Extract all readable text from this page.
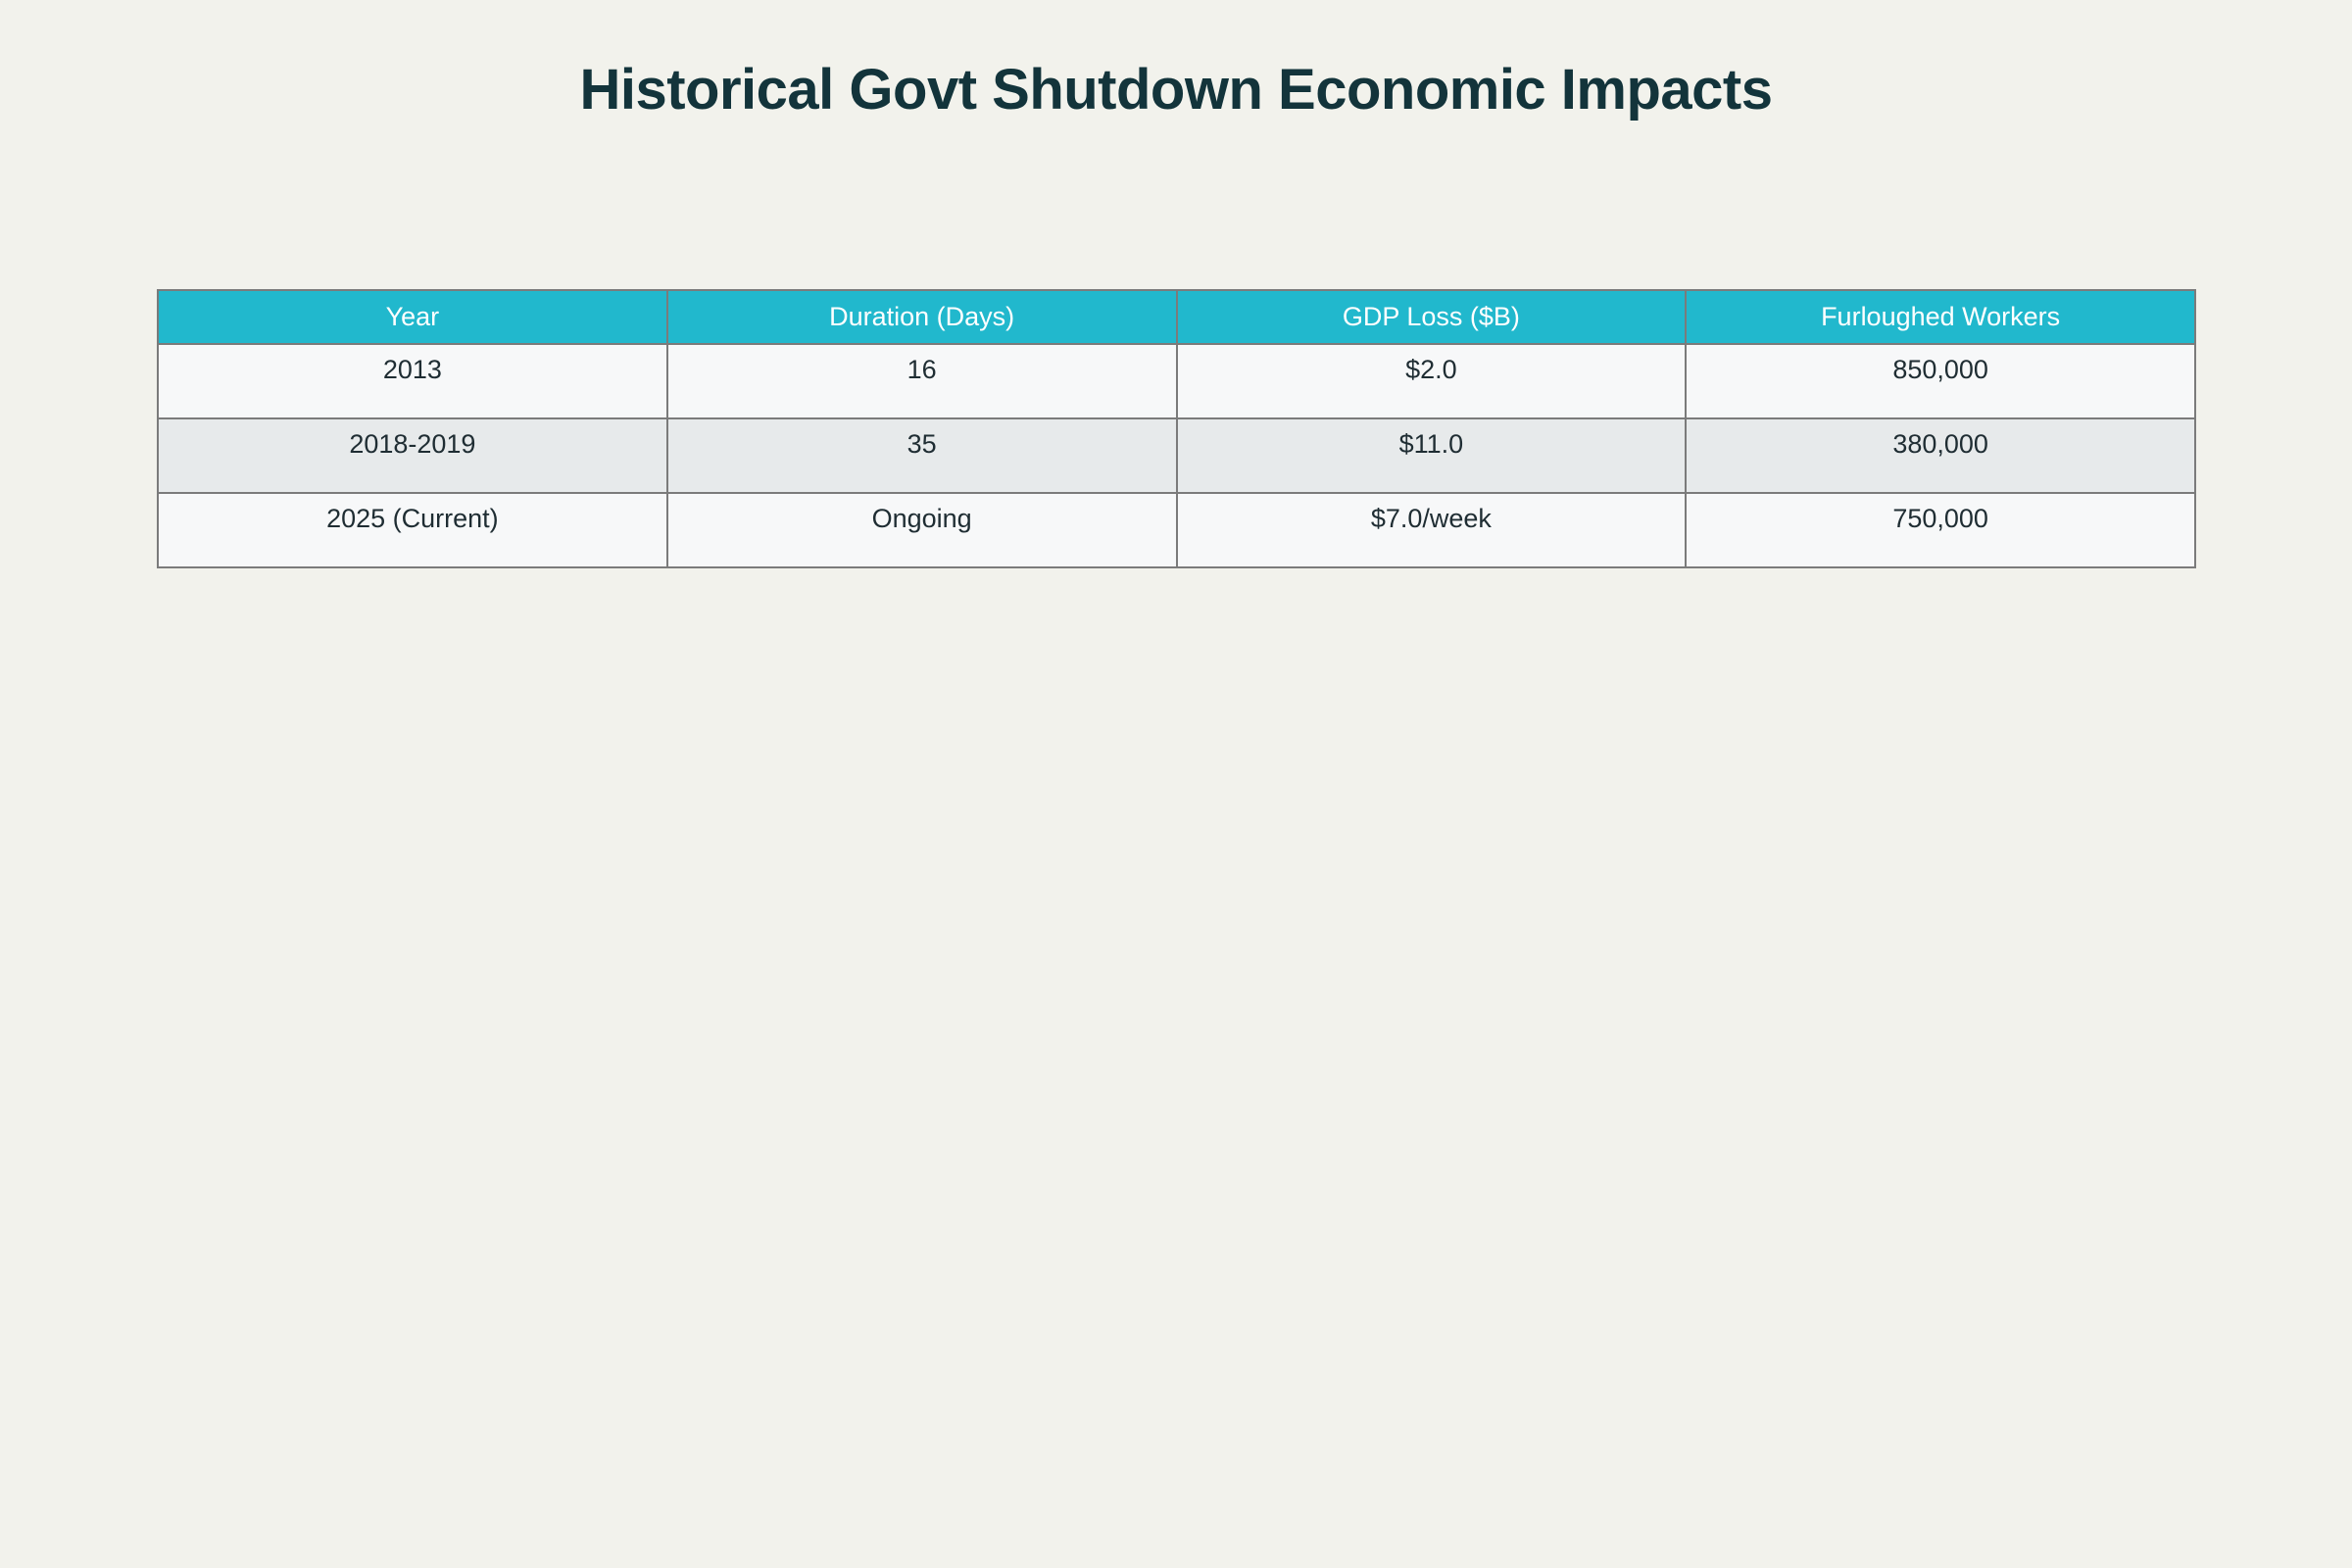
Historical Govt Shutdown Economic Impacts
Year	Duration (Days)	GDP Loss ($B)	Furloughed Workers
2013	16	$2.0	850,000
2018-2019	35	$11.0	380,000
2025 (Current)	Ongoing	$7.0/week	750,000
